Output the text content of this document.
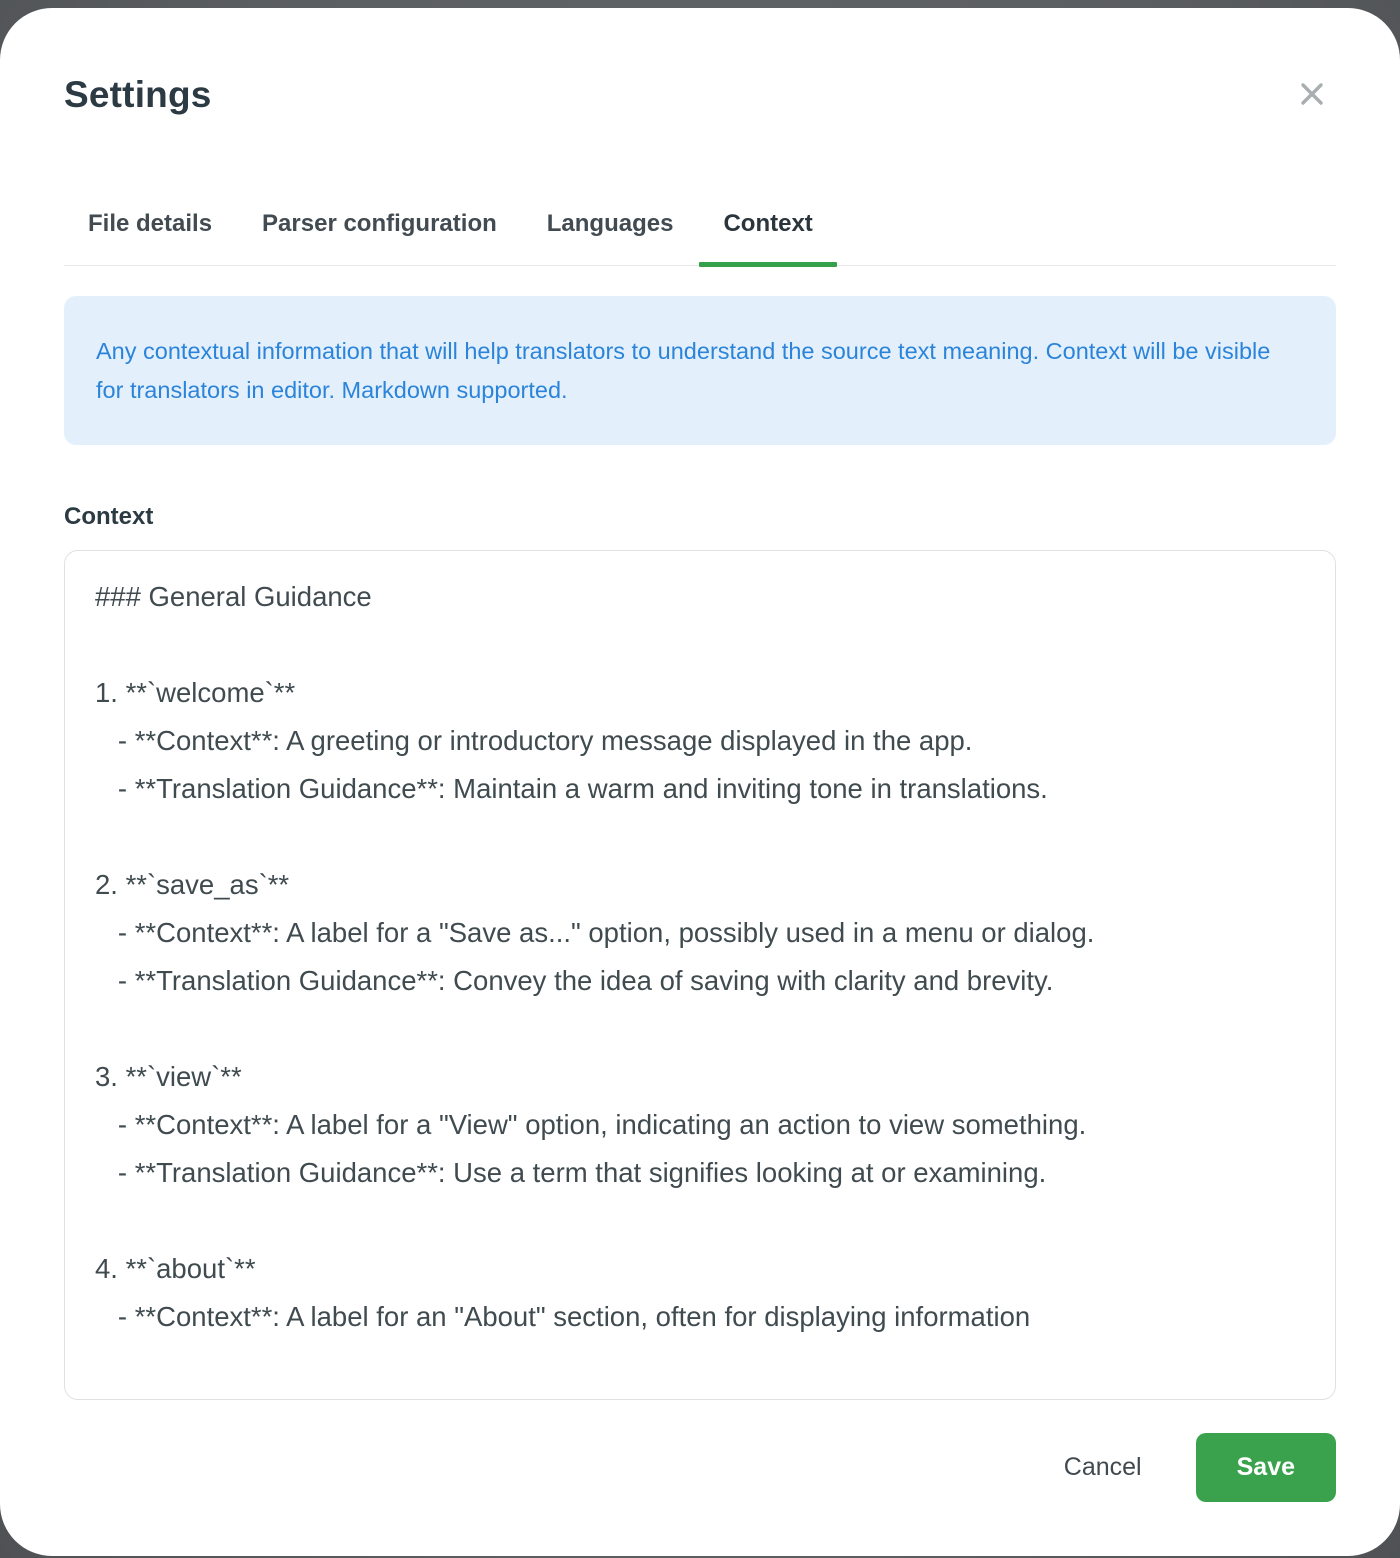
Settings
File details	Parser configuration	Languages	Context
Any contextual information that will help translators to understand the source text meaning. Context will be visible for translators in editor. Markdown supported.
Context
### General Guidance 1. **`welcome`** - **Context**: A greeting or introductory message displayed in the app. - **Translation Guidance**: Maintain a warm and inviting tone in translations. 2. **`save_as`** - **Context**: A label for a "Save as..." option, possibly used in a menu or dialog. - **Translation Guidance**: Convey the idea of saving with clarity and brevity. 3. **`view`** - **Context**: A label for a "View" option, indicating an action to view something. - **Translation Guidance**: Use a term that signifies looking at or examining. 4. **`about`** - **Context**: A label for an "About" section, often for displaying information
Cancel	Save
